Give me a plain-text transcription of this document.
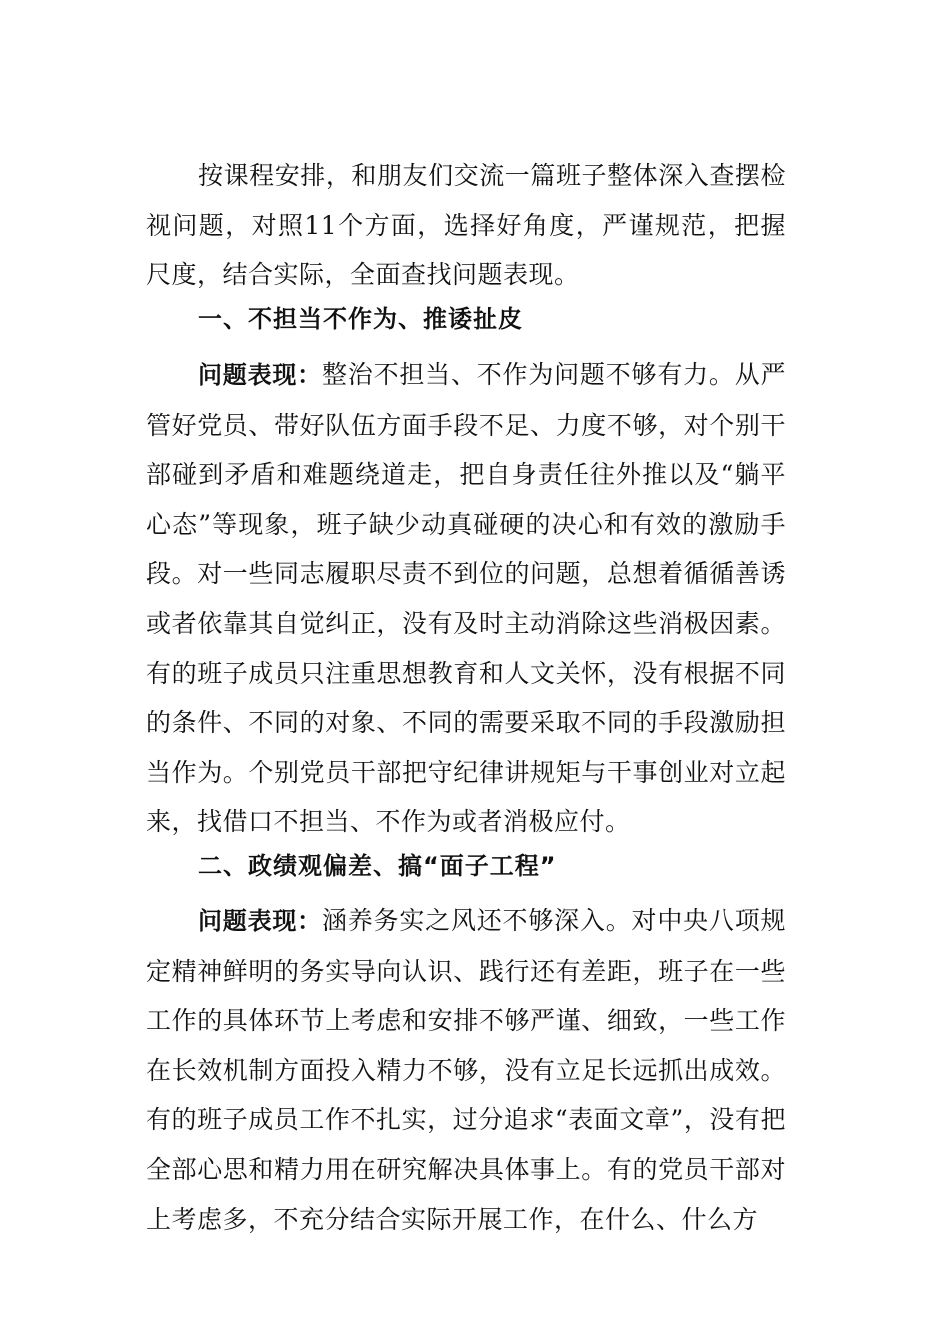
按课程安排，和朋友们交流一篇班子整体深入查摆检视问题，对照11个方面，选择好角度，严谨规范，把握尺度，结合实际，全面查找问题表现。

一、不担当不作为、推诿扯皮

问题表现：整治不担当、不作为问题不够有力。从严管好党员、带好队伍方面手段不足、力度不够，对个别干部碰到矛盾和难题绕道走，把自身责任往外推以及“躺平心态”等现象，班子缺少动真碰硬的决心和有效的激励手段。对一些同志履职尽责不到位的问题，总想着循循善诱或者依靠其自觉纠正，没有及时主动消除这些消极因素。有的班子成员只注重思想教育和人文关怀，没有根据不同的条件、不同的对象、不同的需要采取不同的手段激励担当作为。个别党员干部把守纪律讲规矩与干事创业对立起来，找借口不担当、不作为或者消极应付。

二、政绩观偏差、搞“面子工程”

问题表现：涵养务实之风还不够深入。对中央八项规定精神鲜明的务实导向认识、践行还有差距，班子在一些工作的具体环节上考虑和安排不够严谨、细致，一些工作在长效机制方面投入精力不够，没有立足长远抓出成效。有的班子成员工作不扎实，过分追求“表面文章”，没有把全部心思和精力用在研究解决具体事上。有的党员干部对上考虑多，不充分结合实际开展工作，在什么、什么方
